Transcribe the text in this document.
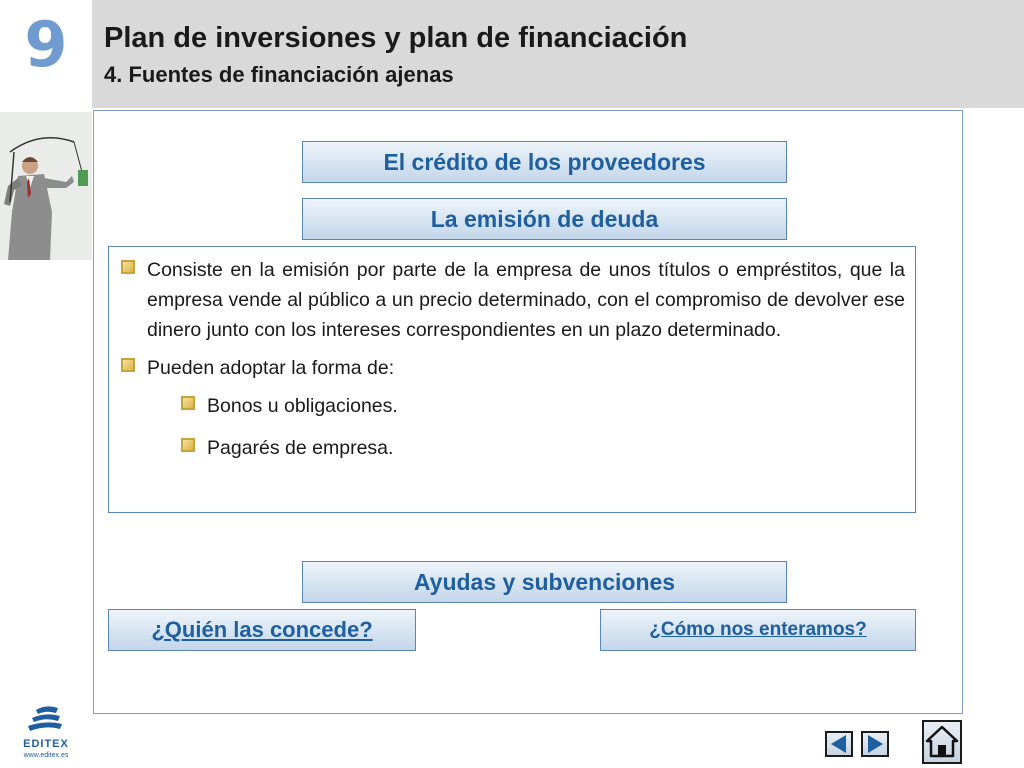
9	Plan de inversiones y plan de financiación
4. Fuentes de financiación ajenas
El crédito de los proveedores
La emisión de deuda
Consiste en la emisión por parte de la empresa de unos títulos o empréstitos, que la empresa vende al público a un precio determinado, con el compromiso de devolver ese dinero junto con los intereses correspondientes en un plazo determinado.
Pueden adoptar la forma de:
Bonos u obligaciones.
Pagarés de empresa.
Ayudas y subvenciones
¿Quién las concede?	¿Cómo nos enteramos?
EDITEX
www.editex.es
